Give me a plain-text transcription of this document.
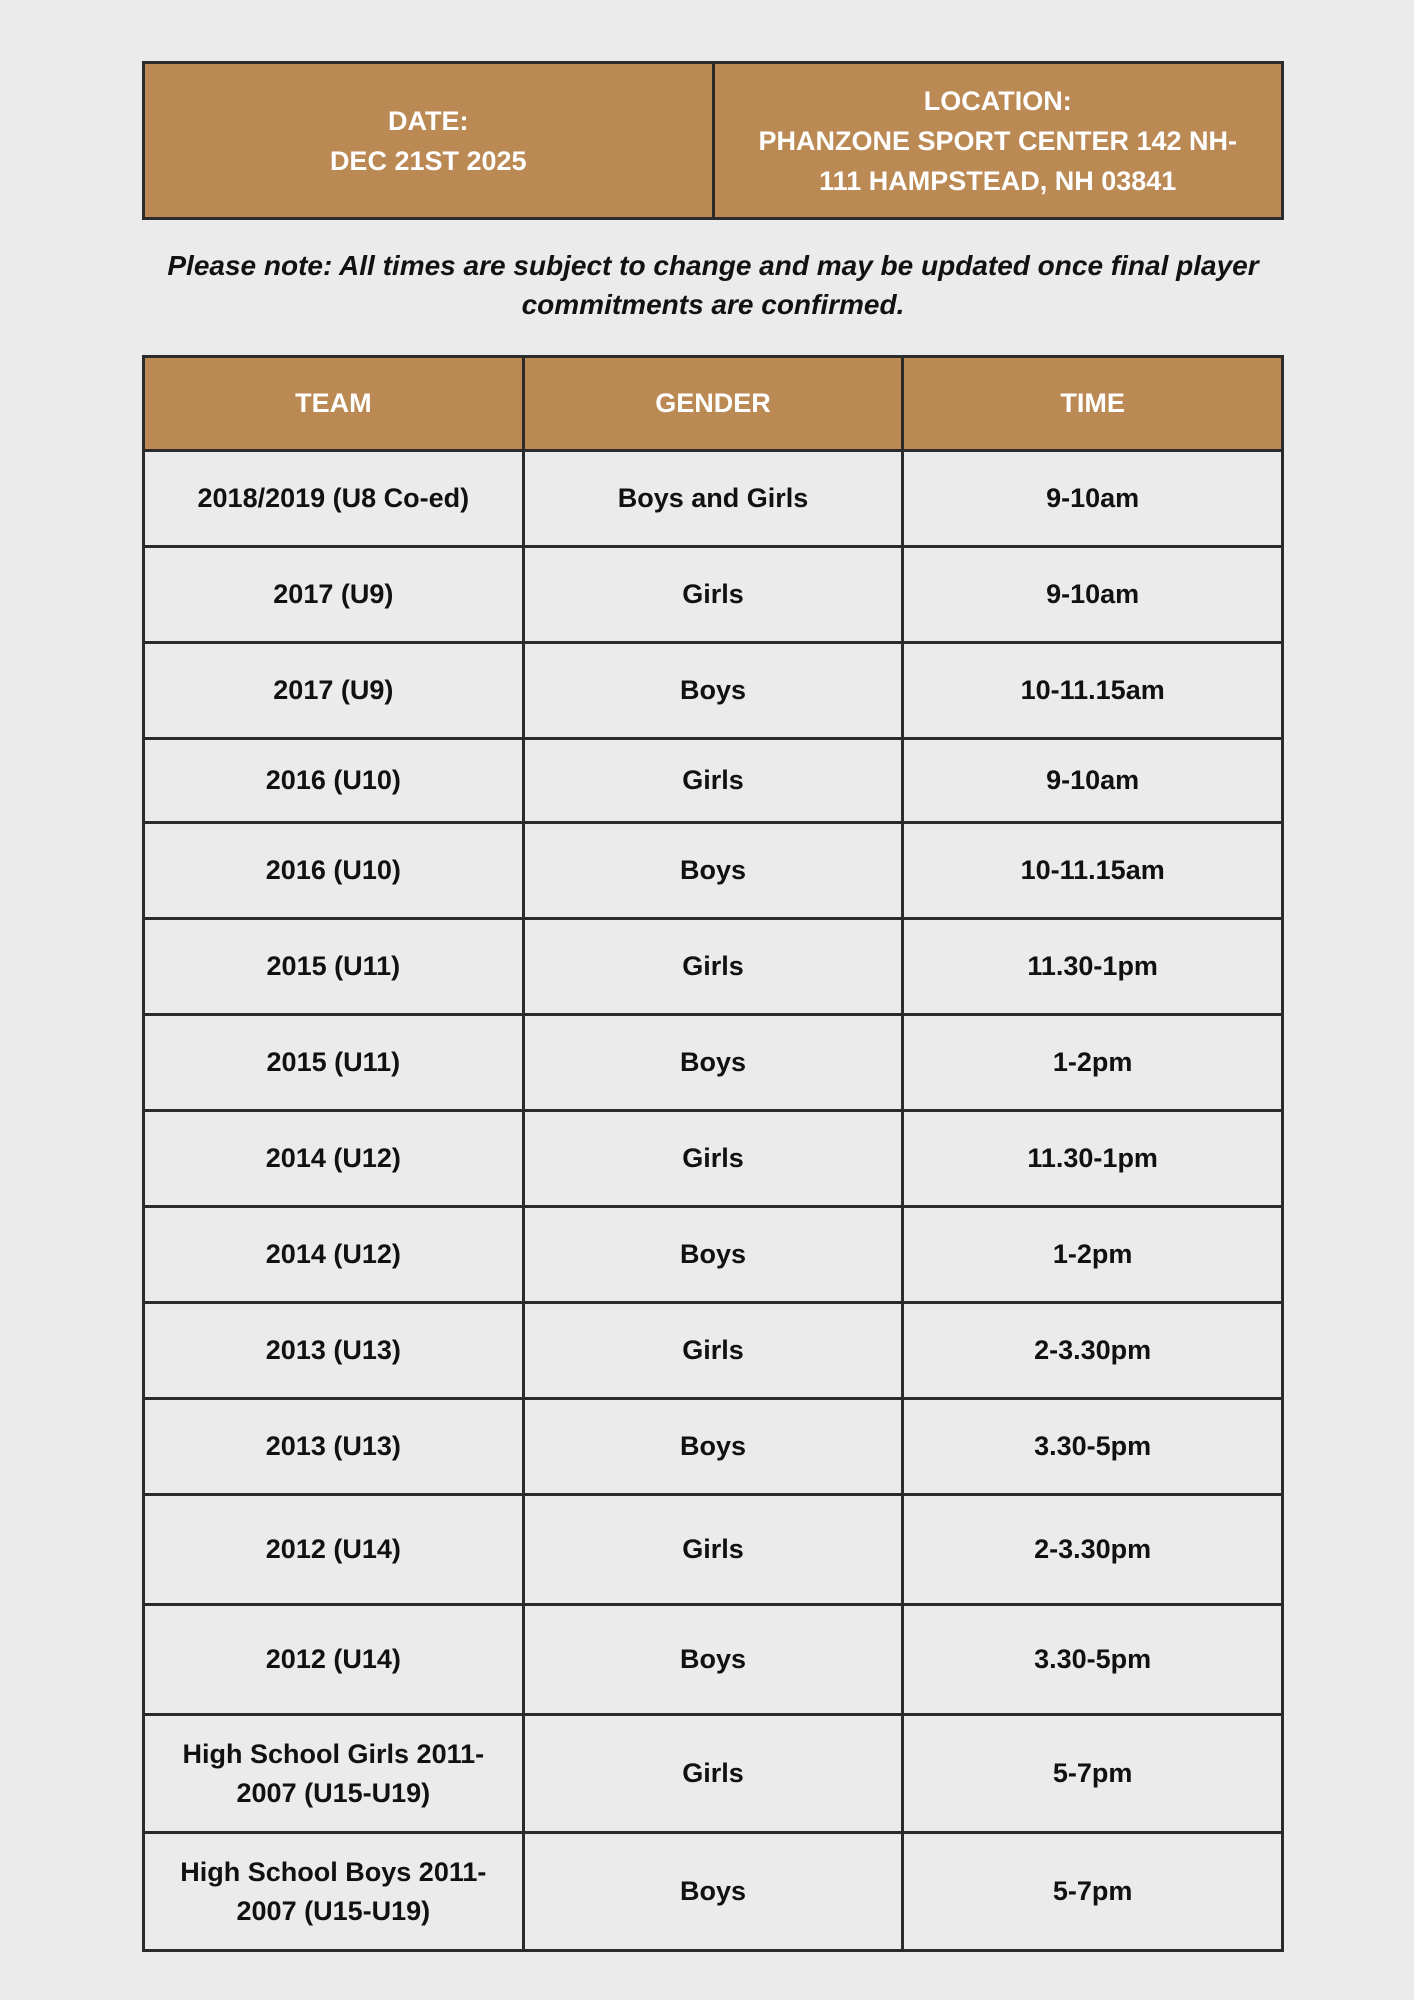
DATE:
DEC 21ST 2025

LOCATION:
PHANZONE SPORT CENTER 142 NH-111 HAMPSTEAD, NH 03841
Please note: All times are subject to change and may be updated once final player commitments are confirmed.
TEAM	GENDER	TIME
2018/2019 (U8 Co-ed)	Boys and Girls	9-10am
2017 (U9)	Girls	9-10am
2017 (U9)	Boys	10-11.15am
2016 (U10)	Girls	9-10am
2016 (U10)	Boys	10-11.15am
2015 (U11)	Girls	11.30-1pm
2015 (U11)	Boys	1-2pm
2014 (U12)	Girls	11.30-1pm
2014 (U12)	Boys	1-2pm
2013 (U13)	Girls	2-3.30pm
2013 (U13)	Boys	3.30-5pm
2012 (U14)	Girls	2-3.30pm
2012 (U14)	Boys	3.30-5pm
High School Girls 2011-2007 (U15-U19)	Girls	5-7pm
High School Boys 2011-2007 (U15-U19)	Boys	5-7pm
